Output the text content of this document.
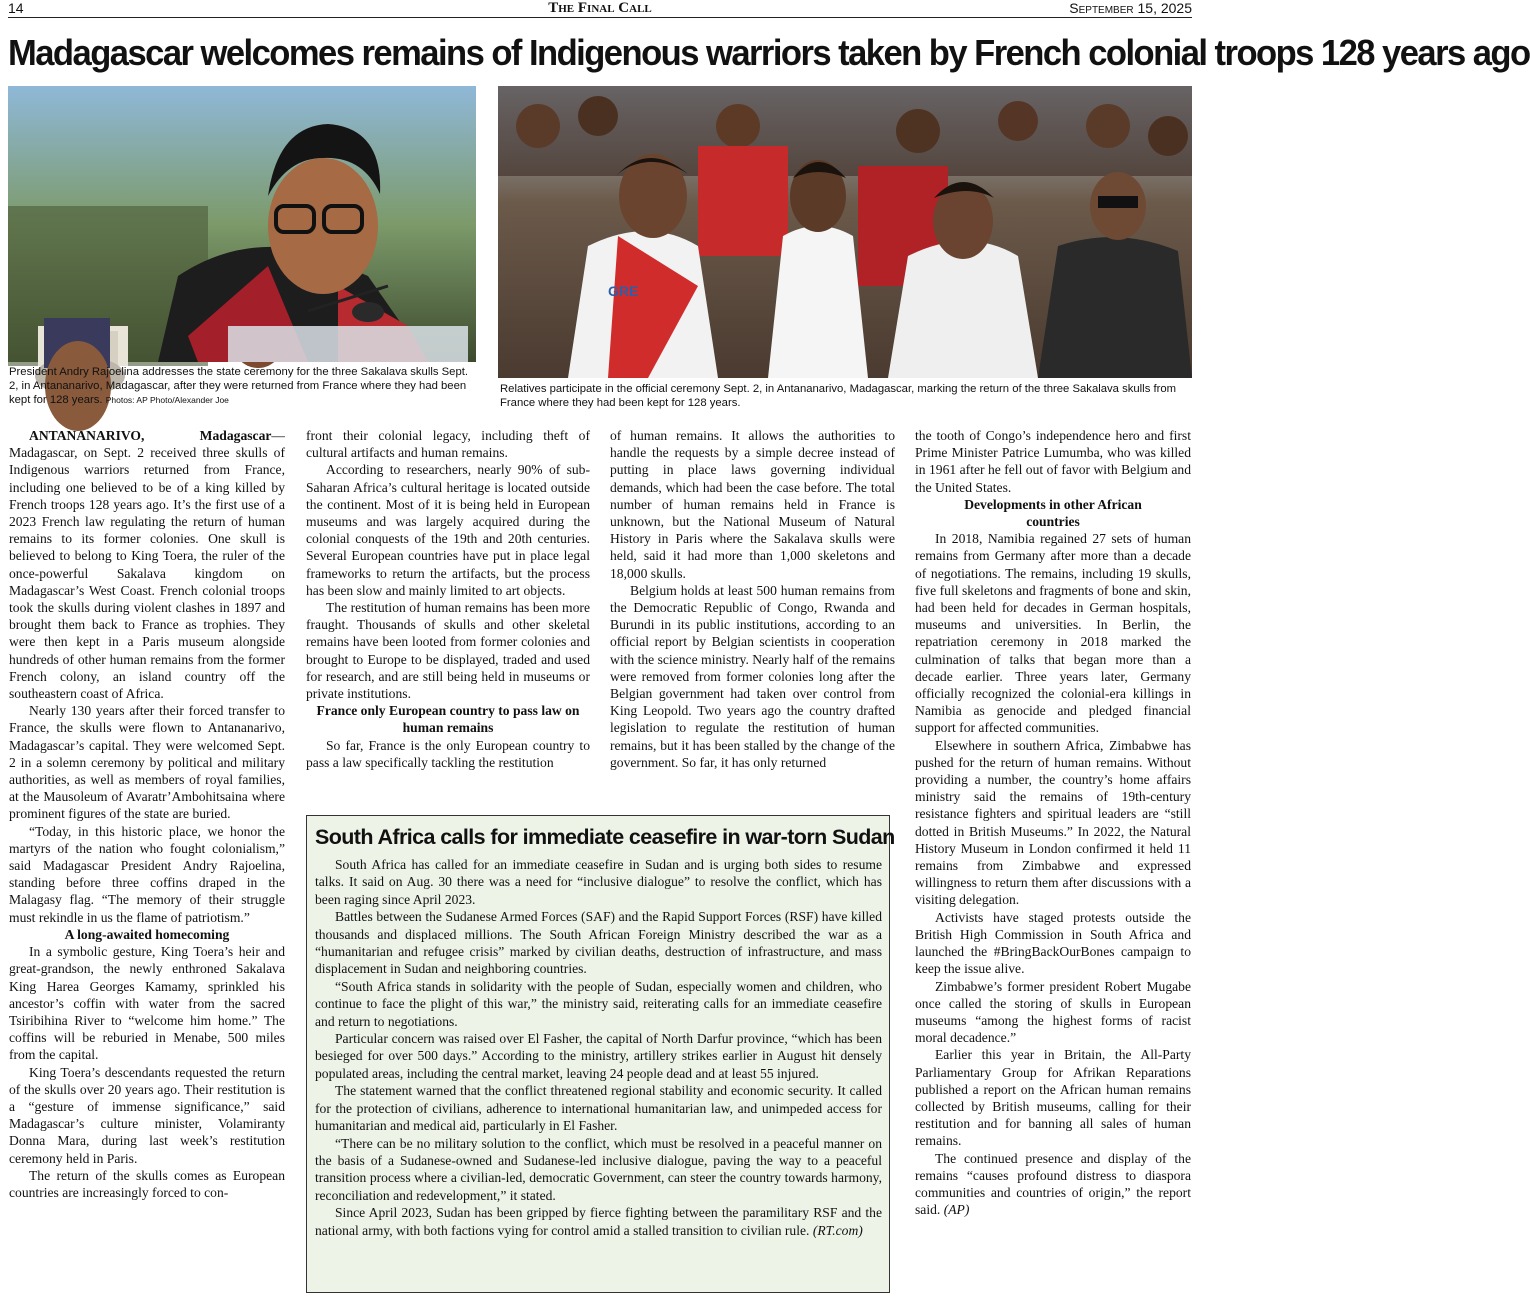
14	The Final Call	September 15, 2025
Madagascar welcomes remains of Indigenous warriors taken by French colonial troops 128 years ago
President Andry Rajoelina addresses the state ceremony for the three Sakalava skulls Sept. 2, in Antananarivo, Madagascar, after they were returned from France where they had been kept for 128 years. Photos: AP Photo/Alexander Joe
GRE
Relatives participate in the official ceremony Sept. 2, in Antananarivo, Madagascar, marking the return of the three Sakalava skulls from France where they had been kept for 128 years.

ANTANANARIVO, Madagascar—Madagascar, on Sept. 2 received three skulls of Indigenous warriors returned from France, including one believed to be of a king killed by French troops 128 years ago. It’s the first use of a 2023 French law regulating the return of human remains to its former colonies. One skull is believed to belong to King Toera, the ruler of the once-powerful Sakalava kingdom on Madagascar’s West Coast. French colonial troops took the skulls during violent clashes in 1897 and brought them back to France as trophies. They were then kept in a Paris museum alongside hundreds of other human remains from the former French colony, an island country off the southeastern coast of Africa.

Nearly 130 years after their forced transfer to France, the skulls were flown to Antananarivo, Madagascar’s capital. They were welcomed Sept. 2 in a solemn ceremony by political and military authorities, as well as members of royal families, at the Mausoleum of Avaratr’Ambohitsaina where prominent figures of the state are buried.

“Today, in this historic place, we honor the martyrs of the nation who fought colonialism,” said Madagascar President Andry Rajoelina, standing before three coffins draped in the Malagasy flag. “The memory of their struggle must rekindle in us the flame of patriotism.”

A long-awaited homecoming

In a symbolic gesture, King Toera’s heir and great-grandson, the newly enthroned Sakalava King Harea Georges Kamamy, sprinkled his ancestor’s coffin with water from the sacred Tsiribihina River to “welcome him home.” The coffins will be reburied in Menabe, 500 miles from the capital.

King Toera’s descendants requested the return of the skulls over 20 years ago. Their restitution is a “gesture of immense significance,” said Madagascar’s culture minister, Volamiranty Donna Mara, during last week’s restitution ceremony held in Paris.

The return of the skulls comes as European countries are increasingly forced to con-

front their colonial legacy, including theft of cultural artifacts and human remains.

According to researchers, nearly 90% of sub-Saharan Africa’s cultural heritage is located outside the continent. Most of it is being held in European museums and was largely acquired during the colonial conquests of the 19th and 20th centuries. Several European countries have put in place legal frameworks to return the artifacts, but the process has been slow and mainly limited to art objects.

The restitution of human remains has been more fraught. Thousands of skulls and other skeletal remains have been looted from former colonies and brought to Europe to be displayed, traded and used for research, and are still being held in museums or private institutions.

France only European country to pass law on human remains

So far, France is the only European country to pass a law specifically tackling the restitution

of human remains. It allows the authorities to handle the requests by a simple decree instead of putting in place laws governing individual demands, which had been the case before. The total number of human remains held in France is unknown, but the National Museum of Natural History in Paris where the Sakalava skulls were held, said it had more than 1,000 skeletons and 18,000 skulls.

Belgium holds at least 500 human remains from the Democratic Republic of Congo, Rwanda and Burundi in its public institutions, according to an official report by Belgian scientists in cooperation with the science ministry. Nearly half of the remains were removed from former colonies long after the Belgian government had taken over control from King Leopold. Two years ago the country drafted legislation to regulate the restitution of human remains, but it has been stalled by the change of the government. So far, it has only returned

the tooth of Congo’s independence hero and first Prime Minister Patrice Lumumba, who was killed in 1961 after he fell out of favor with Belgium and the United States.

Developments in other African countries

In 2018, Namibia regained 27 sets of human remains from Germany after more than a decade of negotiations. The remains, including 19 skulls, five full skeletons and fragments of bone and skin, had been held for decades in German hospitals, museums and universities. In Berlin, the repatriation ceremony in 2018 marked the culmination of talks that began more than a decade earlier. Three years later, Germany officially recognized the colonial-era killings in Namibia as genocide and pledged financial support for affected communities.

Elsewhere in southern Africa, Zimbabwe has pushed for the return of human remains. Without providing a number, the country’s home affairs ministry said the remains of 19th-century resistance fighters and spiritual leaders are “still dotted in British Museums.” In 2022, the Natural History Museum in London confirmed it held 11 remains from Zimbabwe and expressed willingness to return them after discussions with a visiting delegation.

Activists have staged protests outside the British High Commission in South Africa and launched the #BringBackOurBones campaign to keep the issue alive.

Zimbabwe’s former president Robert Mugabe once called the storing of skulls in European museums “among the highest forms of racist moral decadence.”

Earlier this year in Britain, the All-Party Parliamentary Group for Afrikan Reparations published a report on the African human remains collected by British museums, calling for their restitution and for banning all sales of human remains.

The continued presence and display of the remains “causes profound distress to diaspora communities and countries of origin,” the report said. (AP)

South Africa calls for immediate ceasefire in war-torn Sudan

South Africa has called for an immediate ceasefire in Sudan and is urging both sides to resume talks. It said on Aug. 30 there was a need for “inclusive dialogue” to resolve the conflict, which has been raging since April 2023.

Battles between the Sudanese Armed Forces (SAF) and the Rapid Support Forces (RSF) have killed thousands and displaced millions. The South African Foreign Ministry described the war as a “humanitarian and refugee crisis” marked by civilian deaths, destruction of infrastructure, and mass displacement in Sudan and neighboring countries.

“South Africa stands in solidarity with the people of Sudan, especially women and children, who continue to face the plight of this war,” the ministry said, reiterating calls for an immediate ceasefire and return to negotiations.

Particular concern was raised over El Fasher, the capital of North Darfur province, “which has been besieged for over 500 days.” According to the ministry, artillery strikes earlier in August hit densely populated areas, including the central market, leaving 24 people dead and at least 55 injured.

The statement warned that the conflict threatened regional stability and economic security. It called for the protection of civilians, adherence to international humanitarian law, and unimpeded access for humanitarian and medical aid, particularly in El Fasher.

“There can be no military solution to the conflict, which must be resolved in a peaceful manner on the basis of a Sudanese-owned and Sudanese-led inclusive dialogue, paving the way to a peaceful transition process where a civilian-led, democratic Government, can steer the country towards harmony, reconciliation and redevelopment,” it stated.

Since April 2023, Sudan has been gripped by fierce fighting between the paramilitary RSF and the national army, with both factions vying for control amid a stalled transition to civilian rule. (RT.com)
